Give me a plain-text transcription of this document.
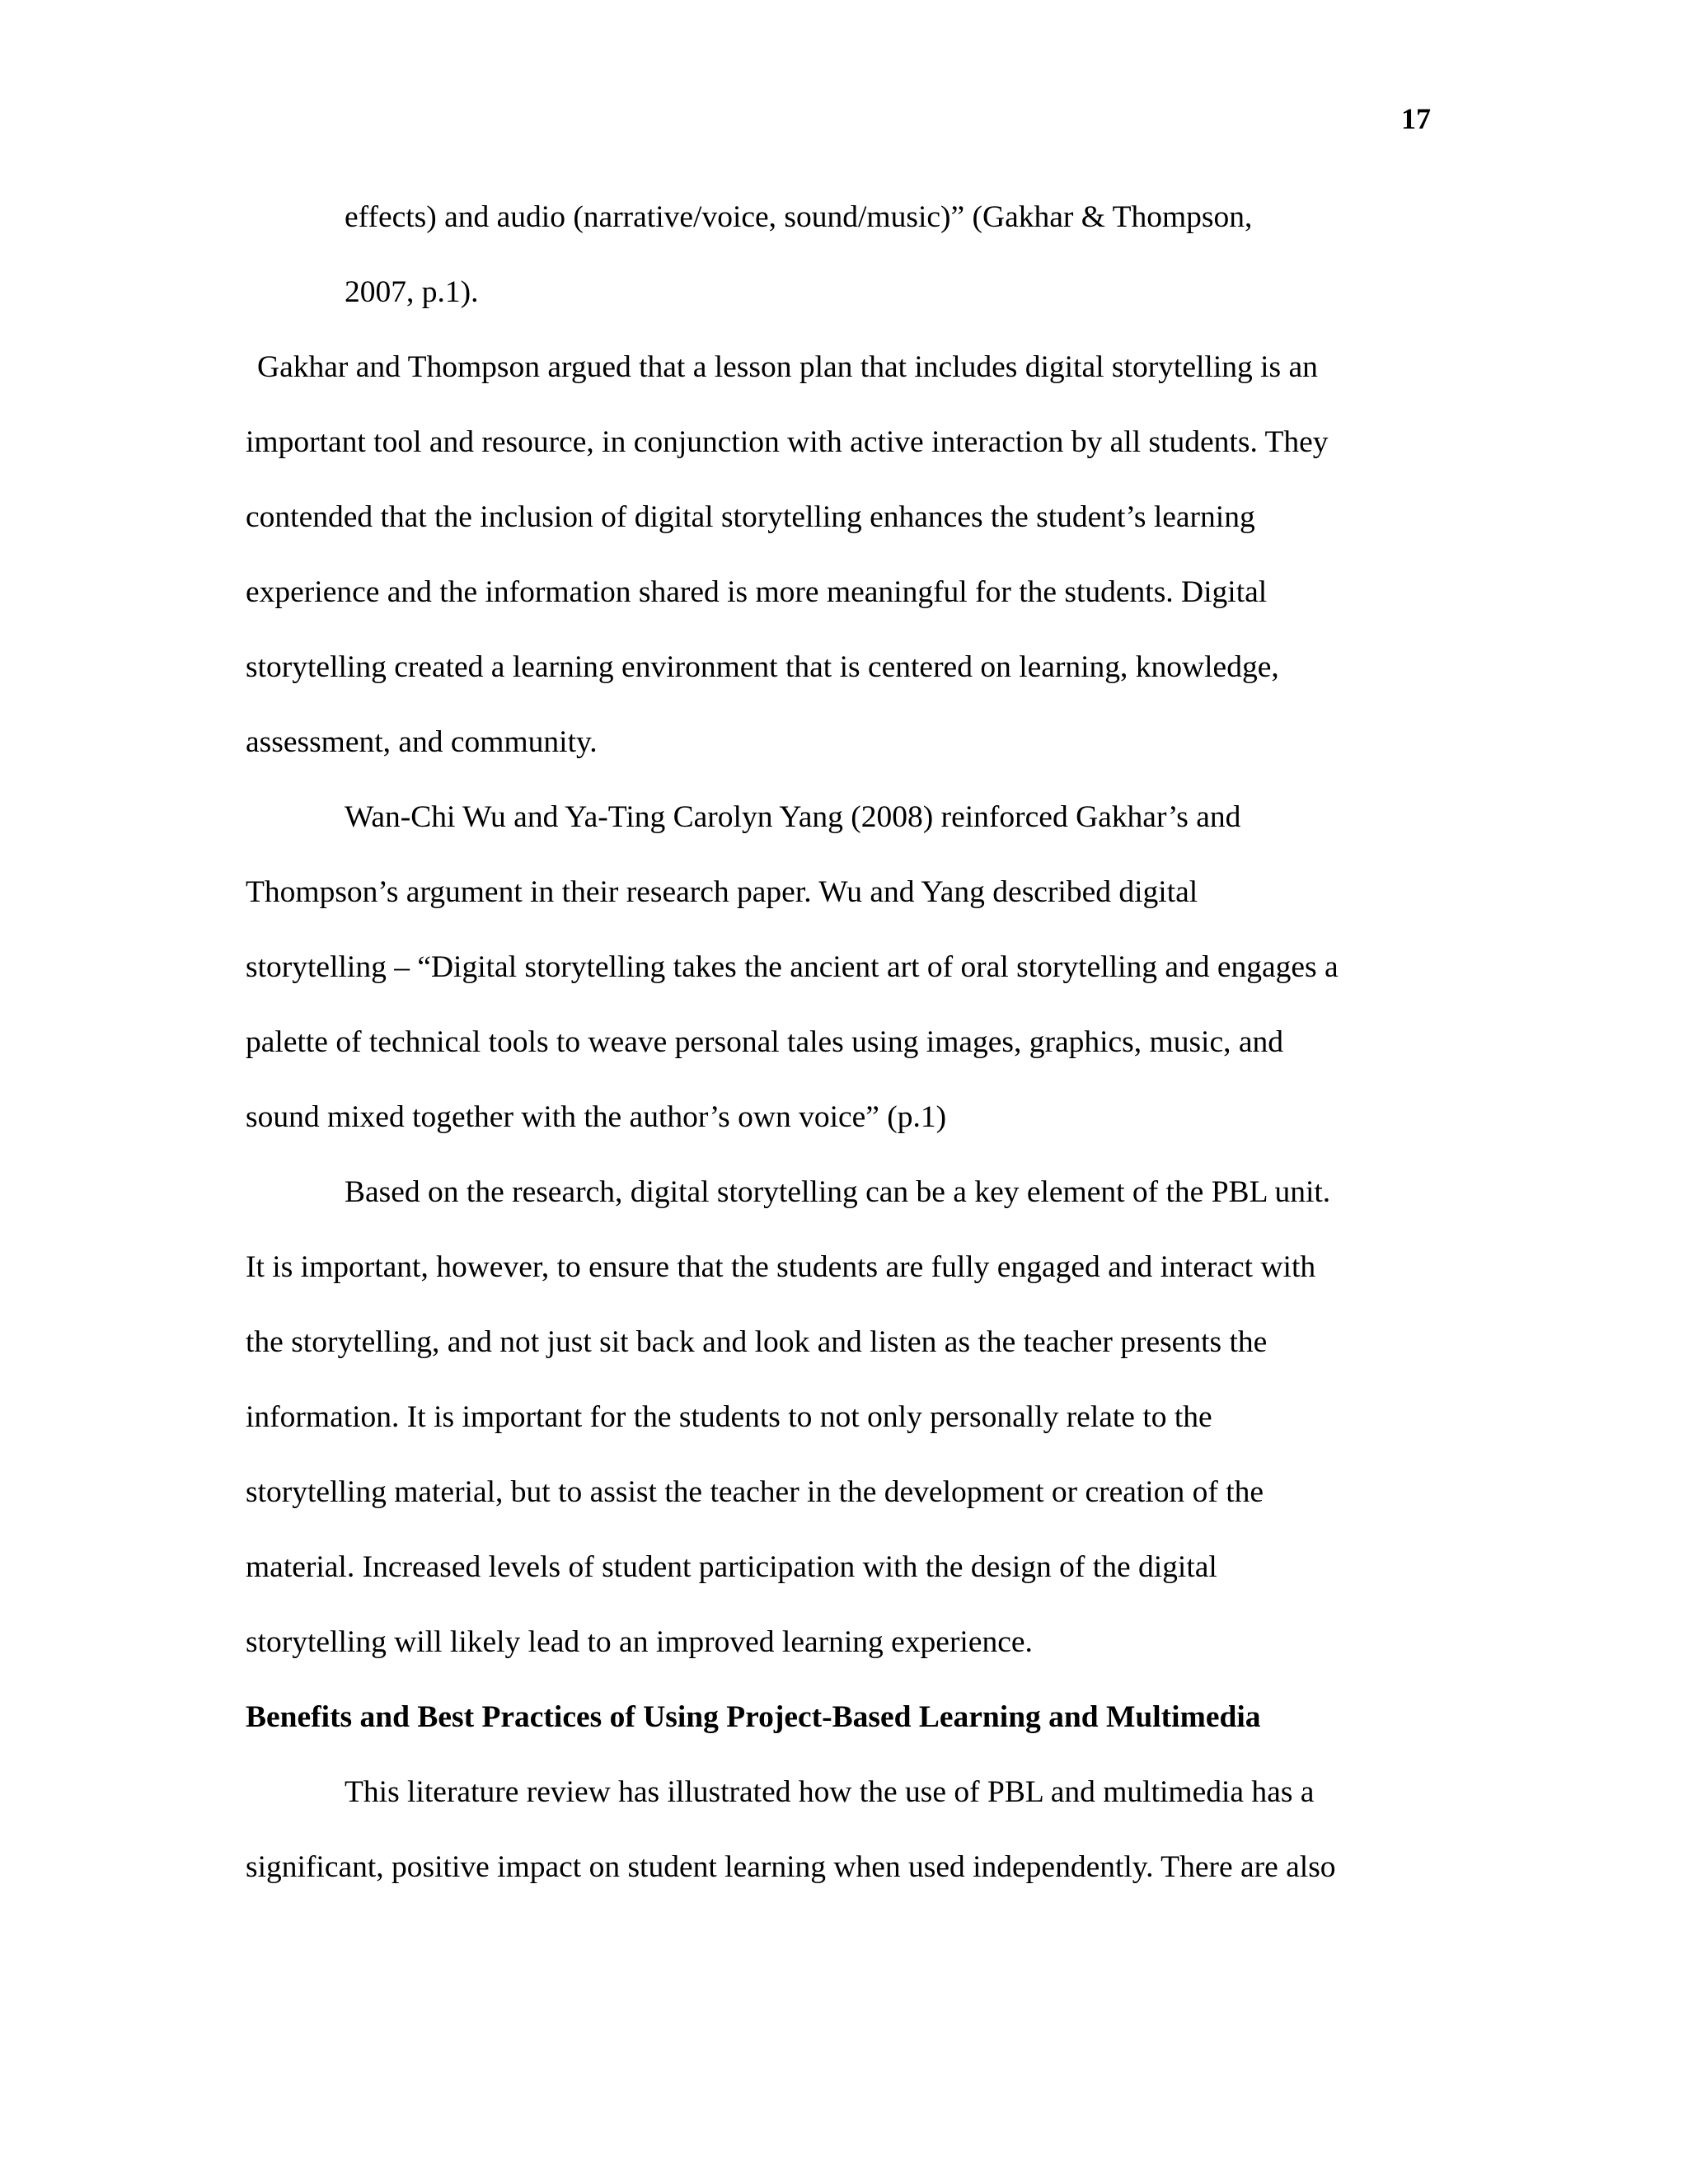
17
effects) and audio (narrative/voice, sound/music)” (Gakhar & Thompson,
2007, p.1).
Gakhar and Thompson argued that a lesson plan that includes digital storytelling is an
important tool and resource, in conjunction with active interaction by all students. They
contended that the inclusion of digital storytelling enhances the student’s learning
experience and the information shared is more meaningful for the students. Digital
storytelling created a learning environment that is centered on learning, knowledge,
assessment, and community.
Wan-Chi Wu and Ya-Ting Carolyn Yang (2008) reinforced Gakhar’s and
Thompson’s argument in their research paper. Wu and Yang described digital
storytelling – “Digital storytelling takes the ancient art of oral storytelling and engages a
palette of technical tools to weave personal tales using images, graphics, music, and
sound mixed together with the author’s own voice” (p.1)
Based on the research, digital storytelling can be a key element of the PBL unit.
It is important, however, to ensure that the students are fully engaged and interact with
the storytelling, and not just sit back and look and listen as the teacher presents the
information. It is important for the students to not only personally relate to the
storytelling material, but to assist the teacher in the development or creation of the
material. Increased levels of student participation with the design of the digital
storytelling will likely lead to an improved learning experience.
Benefits and Best Practices of Using Project-Based Learning and Multimedia
This literature review has illustrated how the use of PBL and multimedia has a
significant, positive impact on student learning when used independently. There are also
